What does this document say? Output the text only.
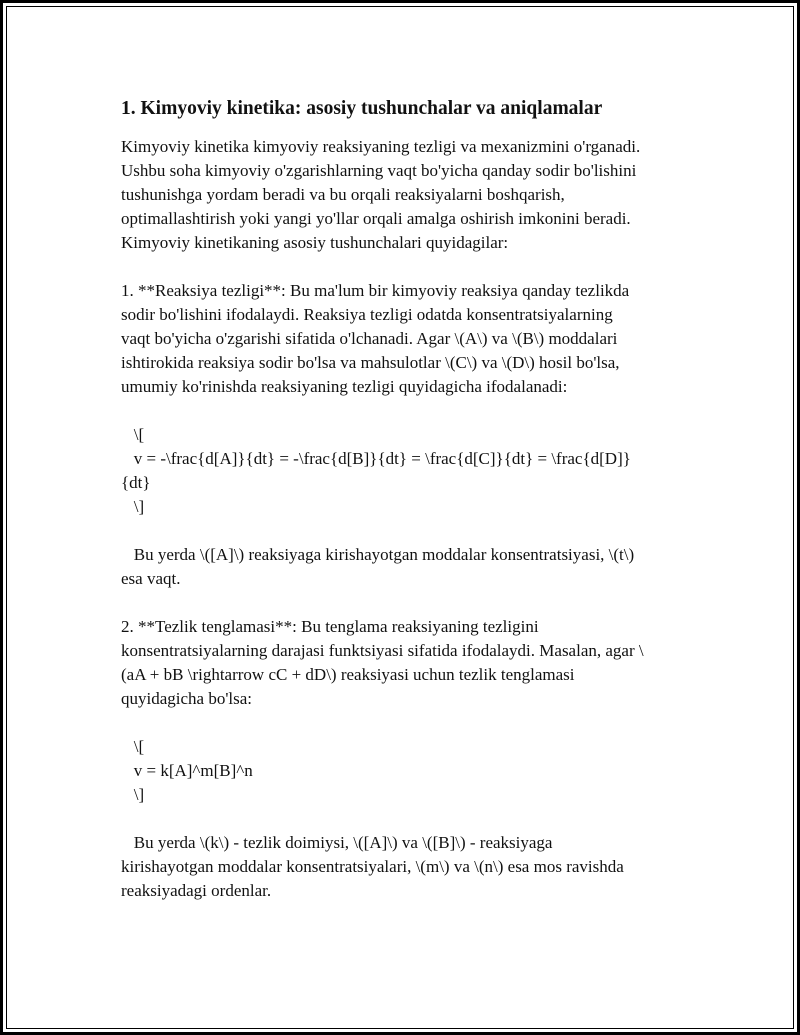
1. Kimyoviy kinetika: asosiy tushunchalar va aniqlamalar
Kimyoviy kinetika kimyoviy reaksiyaning tezligi va mexanizmini o'rganadi.
Ushbu soha kimyoviy o'zgarishlarning vaqt bo'yicha qanday sodir bo'lishini
tushunishga yordam beradi va bu orqali reaksiyalarni boshqarish,
optimallashtirish yoki yangi yo'llar orqali amalga oshirish imkonini beradi.
Kimyoviy kinetikaning asosiy tushunchalari quyidagilar:
1. **Reaksiya tezligi**: Bu ma'lum bir kimyoviy reaksiya qanday tezlikda
sodir bo'lishini ifodalaydi. Reaksiya tezligi odatda konsentratsiyalarning
vaqt bo'yicha o'zgarishi sifatida o'lchanadi. Agar \(A\) va \(B\) moddalari
ishtirokida reaksiya sodir bo'lsa va mahsulotlar \(C\) va \(D\) hosil bo'lsa,
umumiy ko'rinishda reaksiyaning tezligi quyidagicha ifodalanadi:
\[
v = -\frac{d[A]}{dt} = -\frac{d[B]}{dt} = \frac{d[C]}{dt} = \frac{d[D]}
{dt}
\]
Bu yerda \([A]\) reaksiyaga kirishayotgan moddalar konsentratsiyasi, \(t\)
esa vaqt.
2. **Tezlik tenglamasi**: Bu tenglama reaksiyaning tezligini
konsentratsiyalarning darajasi funktsiyasi sifatida ifodalaydi. Masalan, agar \
(aA + bB \rightarrow cC + dD\) reaksiyasi uchun tezlik tenglamasi
quyidagicha bo'lsa:
\[
v = k[A]^m[B]^n
\]
Bu yerda \(k\) - tezlik doimiysi, \([A]\) va \([B]\) - reaksiyaga
kirishayotgan moddalar konsentratsiyalari, \(m\) va \(n\) esa mos ravishda
reaksiyadagi ordenlar.
